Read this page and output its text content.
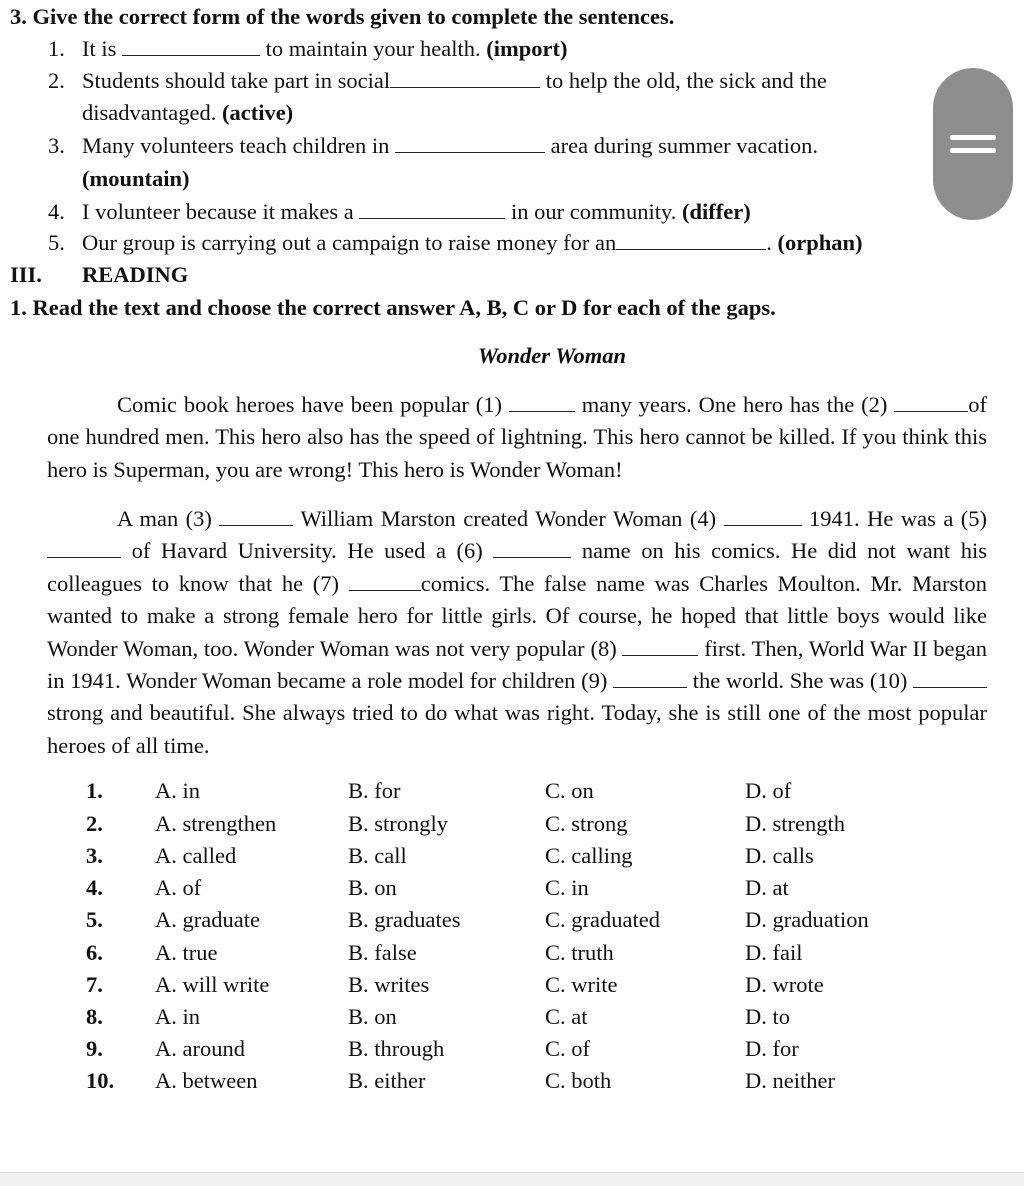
3. Give the correct form of the words given to complete the sentences.
1. It is	to maintain your health. (import)
2. Students should take part in social	to help the old, the sick and the
disadvantaged. (active)
3. Many volunteers teach children in	area during summer vacation.
(mountain)
4. I volunteer because it makes a	in our community. (differ)
5. Our group is carrying out a campaign to raise money for an	. (orphan)
III. READING
1. Read the text and choose the correct answer A, B, C or D for each of the gaps.
Wonder Woman

Comic book heroes have been popular (1)	many years. One hero has the (2)	of one hundred men. This hero also has the speed of lightning. This hero cannot be killed. If you think this hero is Superman, you are wrong! This hero is Wonder Woman!

A man (3)	William Marston created Wonder Woman (4)	1941. He was a (5)  of Havard University. He used a (6)	name on his comics. He did not want his colleagues to know that he (7)	comics. The false name was Charles Moulton. Mr. Marston wanted to make a strong female hero for little girls. Of course, he hoped that little boys would like Wonder Woman, too. Wonder Woman was not very popular (8)	first. Then, World War II began in 1941. Wonder Woman became a role model for children (9)	the world. She was (10)  strong and beautiful. She always tried to do what was right. Today, she is still one of the most popular heroes of all time.

1. A. in	B. for	C. on	D. of
2. A. strengthen	B. strongly	C. strong	D. strength
3. A. called	B. call	C. calling	D. calls
4. A. of	B. on	C. in	D. at
5. A. graduate	B. graduates	C. graduated	D. graduation
6. A. true	B. false	C. truth	D. fail
7. A. will write	B. writes	C. write	D. wrote
8. A. in	B. on	C. at	D. to
9. A. around	B. through	C. of	D. for
10. A. between	B. either	C. both	D. neither
